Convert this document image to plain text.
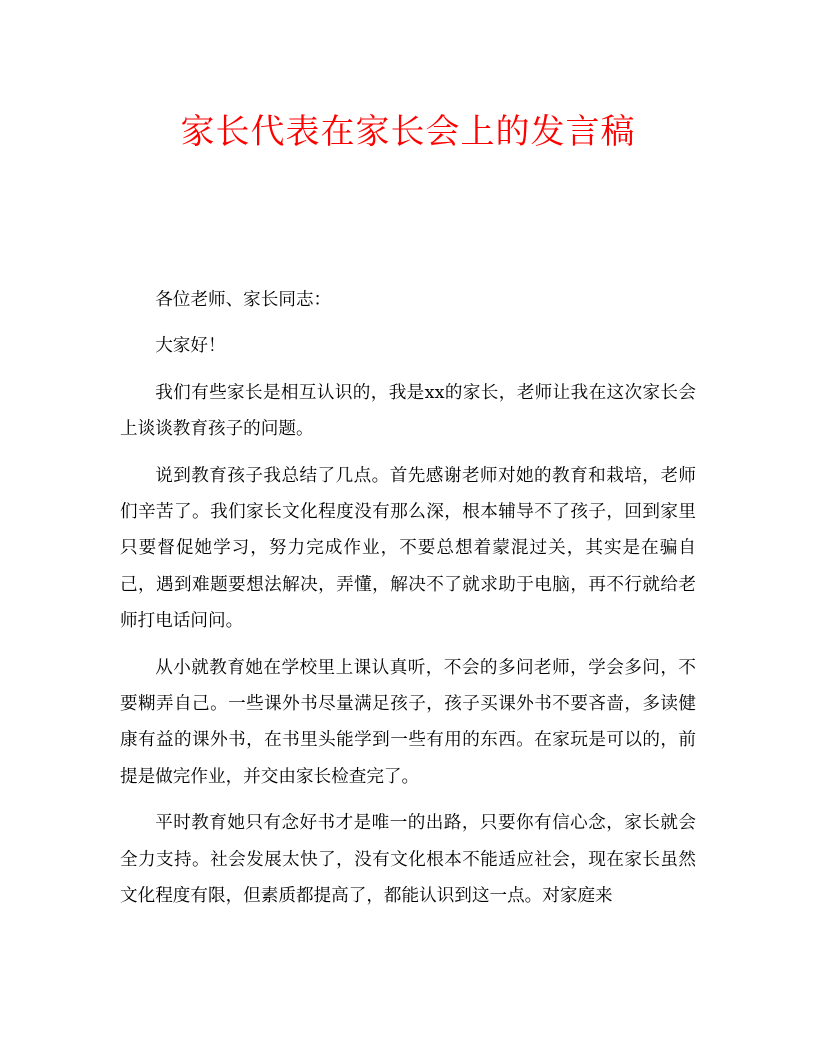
家长代表在家长会上的发言稿

各位老师、家长同志：

大家好！

我们有些家长是相互认识的，我是xx的家长，老师让我在这次家长会上谈谈教育孩子的问题。

说到教育孩子我总结了几点。首先感谢老师对她的教育和栽培，老师们辛苦了。我们家长文化程度没有那么深，根本辅导不了孩子，回到家里只要督促她学习，努力完成作业，不要总想着蒙混过关，其实是在骗自己，遇到难题要想法解决，弄懂，解决不了就求助于电脑，再不行就给老师打电话问问。

从小就教育她在学校里上课认真听，不会的多问老师，学会多问，不要糊弄自己。一些课外书尽量满足孩子，孩子买课外书不要吝啬，多读健康有益的课外书，在书里头能学到一些有用的东西。在家玩是可以的，前提是做完作业，并交由家长检查完了。

平时教育她只有念好书才是唯一的出路，只要你有信心念，家长就会全力支持。社会发展太快了，没有文化根本不能适应社会，现在家长虽然文化程度有限，但素质都提高了，都能认识到这一点。对家庭来
